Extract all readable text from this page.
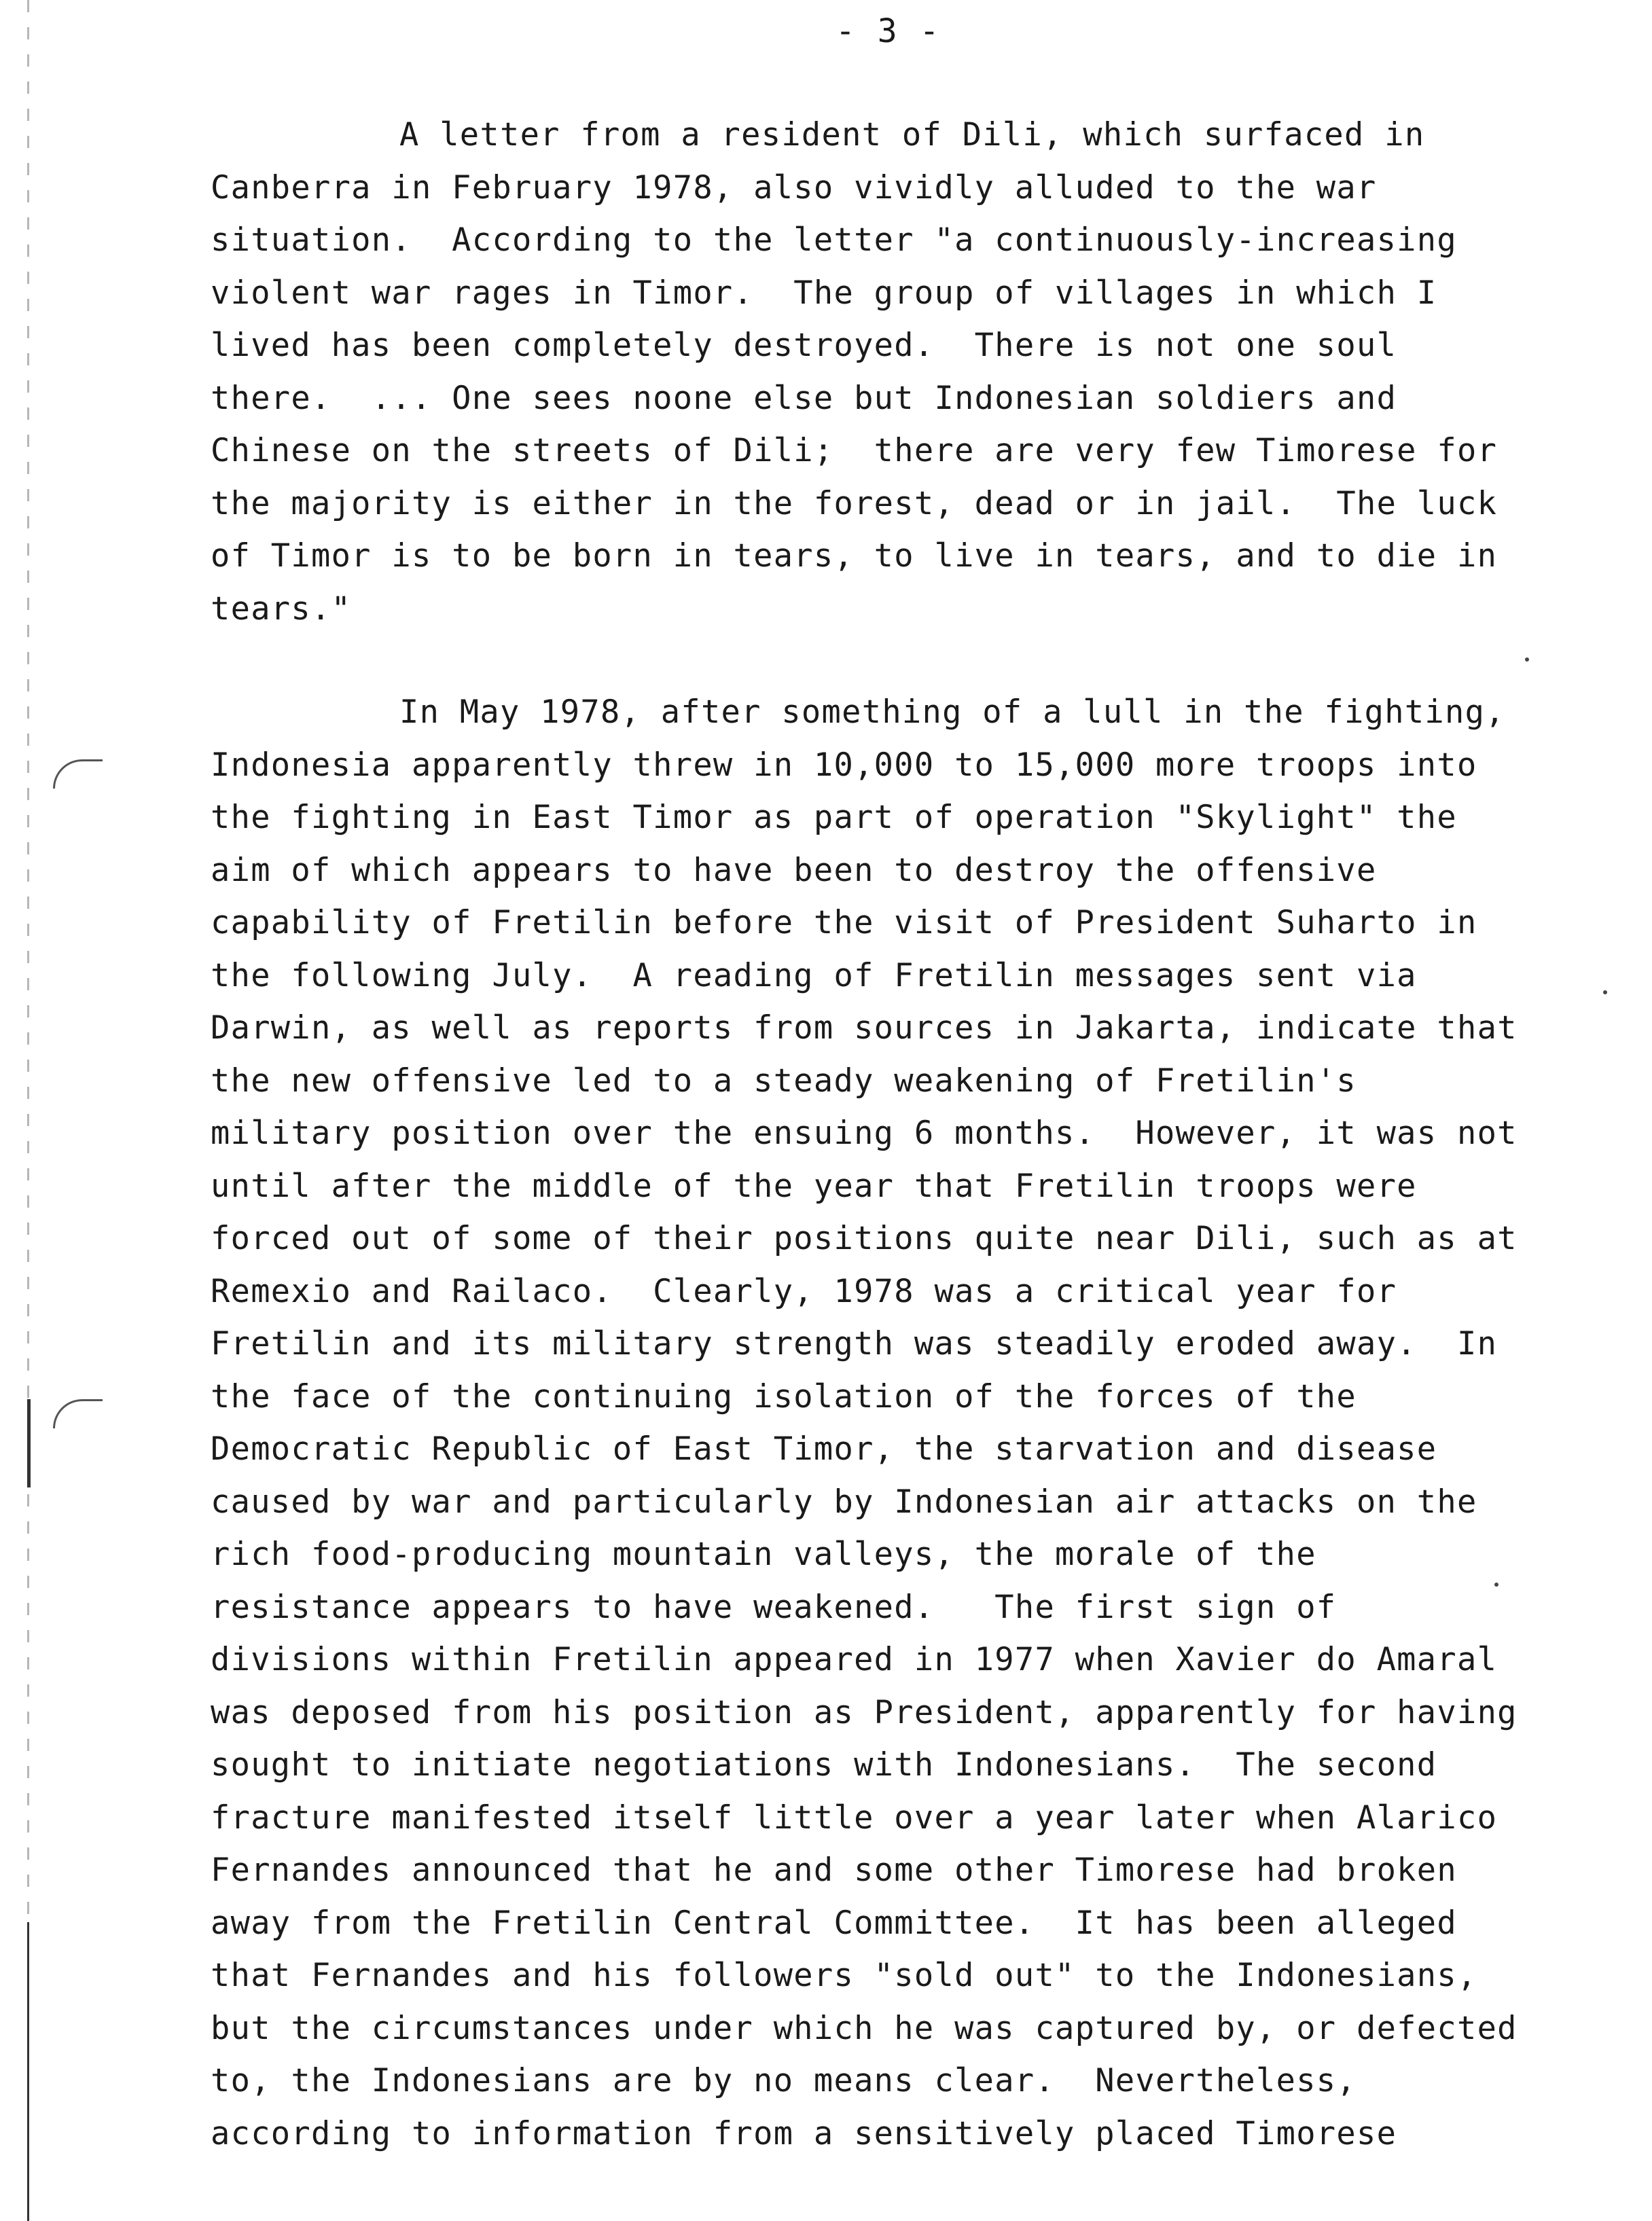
- 3 -
A letter from a resident of Dili, which surfaced in
Canberra in February 1978, also vividly alluded to the war
situation.  According to the letter "a continuously-increasing
violent war rages in Timor.  The group of villages in which I
lived has been completely destroyed.  There is not one soul
there.  ... One sees noone else but Indonesian soldiers and
Chinese on the streets of Dili;  there are very few Timorese for
the majority is either in the forest, dead or in jail.  The luck
of Timor is to be born in tears, to live in tears, and to die in
tears."
In May 1978, after something of a lull in the fighting,
Indonesia apparently threw in 10,000 to 15,000 more troops into
the fighting in East Timor as part of operation "Skylight" the
aim of which appears to have been to destroy the offensive
capability of Fretilin before the visit of President Suharto in
the following July.  A reading of Fretilin messages sent via
Darwin, as well as reports from sources in Jakarta, indicate that
the new offensive led to a steady weakening of Fretilin's
military position over the ensuing 6 months.  However, it was not
until after the middle of the year that Fretilin troops were
forced out of some of their positions quite near Dili, such as at
Remexio and Railaco.  Clearly, 1978 was a critical year for
Fretilin and its military strength was steadily eroded away.  In
the face of the continuing isolation of the forces of the
Democratic Republic of East Timor, the starvation and disease
caused by war and particularly by Indonesian air attacks on the
rich food-producing mountain valleys, the morale of the
resistance appears to have weakened.   The first sign of
divisions within Fretilin appeared in 1977 when Xavier do Amaral
was deposed from his position as President, apparently for having
sought to initiate negotiations with Indonesians.  The second
fracture manifested itself little over a year later when Alarico
Fernandes announced that he and some other Timorese had broken
away from the Fretilin Central Committee.  It has been alleged
that Fernandes and his followers "sold out" to the Indonesians,
but the circumstances under which he was captured by, or defected
to, the Indonesians are by no means clear.  Nevertheless,
according to information from a sensitively placed Timorese
